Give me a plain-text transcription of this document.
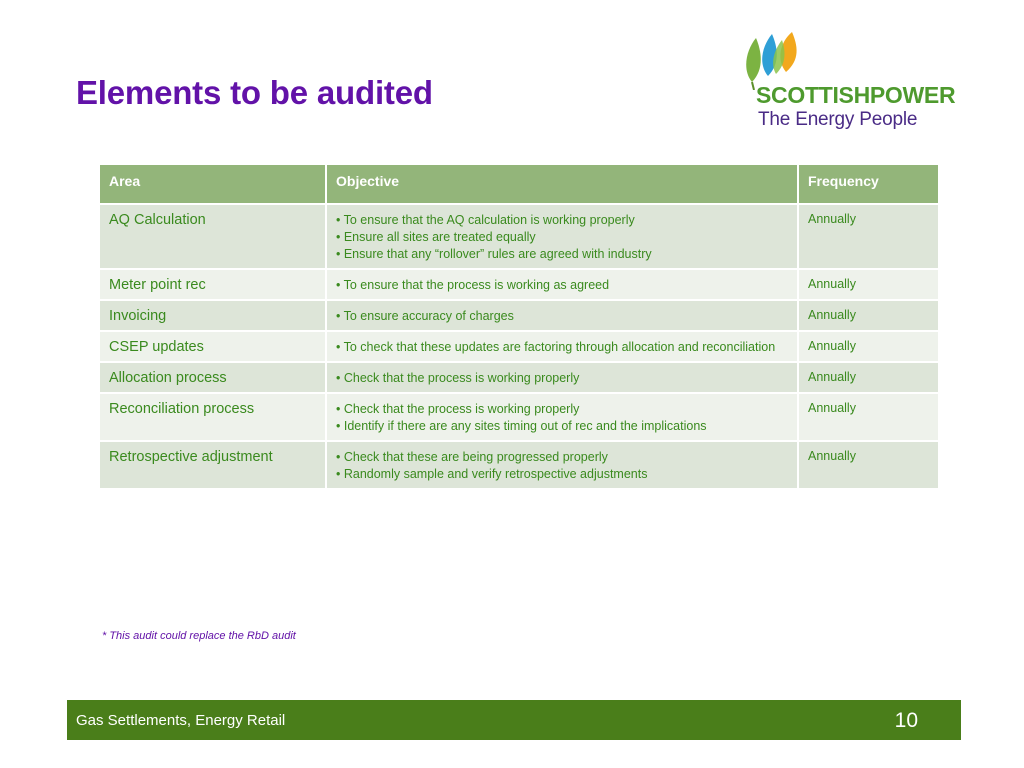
Elements to be audited	SCOTTISHPOWER
The Energy People
Area	Objective	Frequency
AQ Calculation	• To ensure that the AQ calculation is working properly
• Ensure all sites are treated equally
• Ensure that any “rollover” rules are agreed with industry	Annually
Meter point rec	• To ensure that the process is working as agreed	Annually
Invoicing	• To ensure accuracy of charges	Annually
CSEP updates	• To check that these updates are factoring through allocation and reconciliation	Annually
Allocation process	• Check that the process is working properly	Annually
Reconciliation process	• Check that the process is working properly
• Identify if there are any sites timing out of rec and the implications	Annually
Retrospective adjustment	• Check that these are being progressed properly
• Randomly sample and verify retrospective adjustments	Annually
* This audit could replace the RbD audit
Gas Settlements, Energy Retail	10
